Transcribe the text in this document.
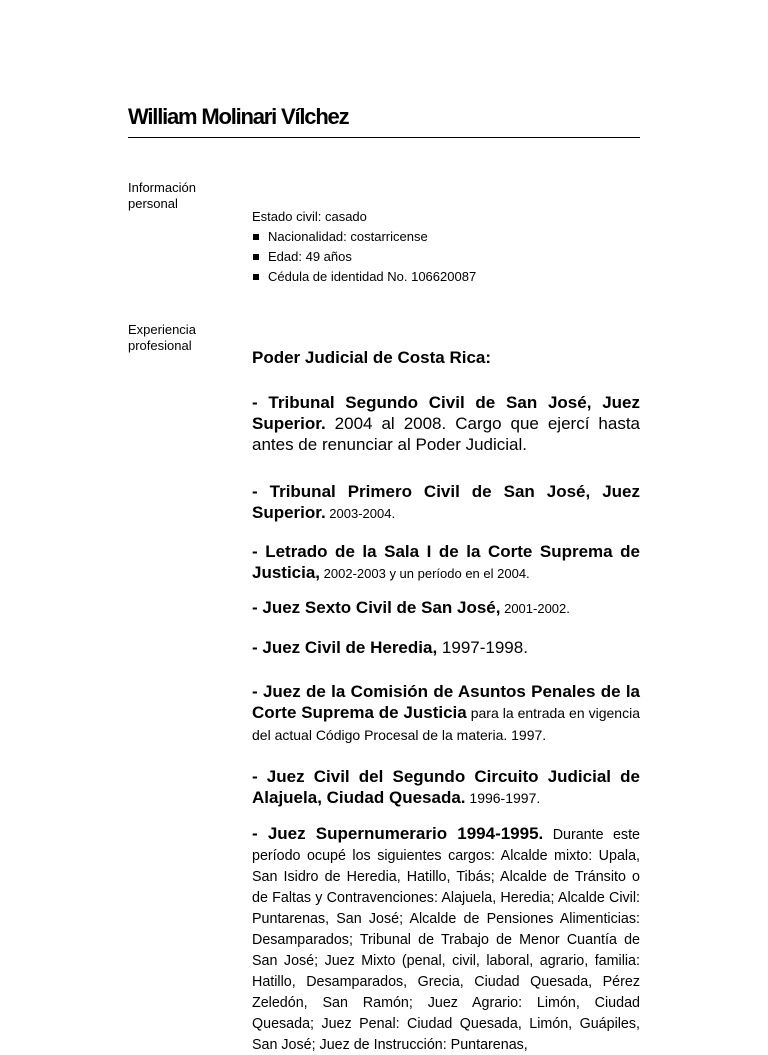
William Molinari Vílchez
Información personal
Estado civil: casado
Nacionalidad: costarricense
Edad: 49 años
Cédula de identidad No. 106620087
Experiencia profesional
Poder Judicial de Costa Rica:
- Tribunal Segundo Civil de San José, Juez Superior. 2004 al 2008. Cargo que ejercí hasta antes de renunciar al Poder Judicial.
- Tribunal Primero Civil de San José, Juez Superior. 2003-2004.
- Letrado de la Sala I de la Corte Suprema de Justicia, 2002-2003 y un período en el 2004.
- Juez Sexto Civil de San José, 2001-2002.
- Juez Civil de Heredia, 1997-1998.
- Juez de la Comisión de Asuntos Penales de la Corte Suprema de Justicia para la entrada en vigencia del actual Código Procesal de la materia. 1997.
- Juez Civil del Segundo Circuito Judicial de Alajuela, Ciudad Quesada. 1996-1997.
- Juez Supernumerario 1994-1995. Durante este período ocupé los siguientes cargos: Alcalde mixto: Upala, San Isidro de Heredia, Hatillo, Tibás; Alcalde de Tránsito o de Faltas y Contravenciones: Alajuela, Heredia; Alcalde Civil: Puntarenas, San José; Alcalde de Pensiones Alimenticias: Desamparados; Tribunal de Trabajo de Menor Cuantía de San José; Juez Mixto (penal, civil, laboral, agrario, familia: Hatillo, Desamparados, Grecia, Ciudad Quesada, Pérez Zeledón, San Ramón; Juez Agrario: Limón, Ciudad Quesada; Juez Penal: Ciudad Quesada, Limón, Guápiles, San José; Juez de Instrucción: Puntarenas,
